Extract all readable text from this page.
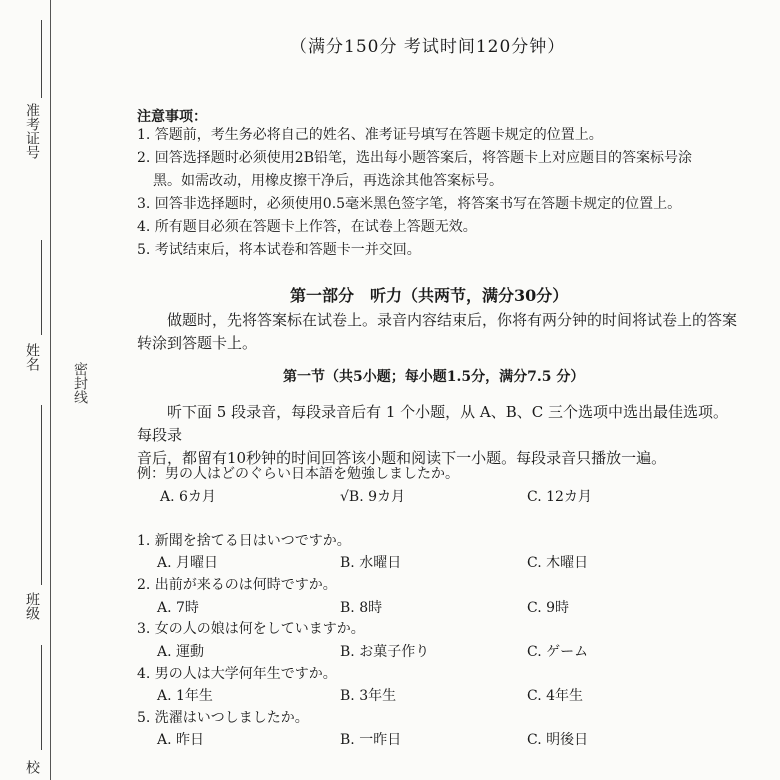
准考证号
姓名
密封线
班级
校
（满分150分 考试时间120分钟）
注意事项：
1. 答题前，考生务必将自己的姓名、准考证号填写在答题卡规定的位置上。
2. 回答选择题时必须使用2B铅笔，选出每小题答案后，将答题卡上对应题目的答案标号涂
黑。如需改动，用橡皮擦干净后，再选涂其他答案标号。
3. 回答非选择题时，必须使用0.5毫米黑色签字笔，将答案书写在答题卡规定的位置上。
4. 所有题目必须在答题卡上作答，在试卷上答题无效。
5. 考试结束后，将本试卷和答题卡一并交回。
第一部分　听力（共两节，满分30分）
做题时，先将答案标在试卷上。录音内容结束后，你将有两分钟的时间将试卷上的答案
转涂到答题卡上。
第一节（共5小题；每小题1.5分，满分7.5 分）
听下面 5 段录音，每段录音后有 1 个小题，从 A、B、C 三个选项中选出最佳选项。每段录
音后，都留有10秒钟的时间回答该小题和阅读下一小题。每段录音只播放一遍。
例：男の人はどのぐらい日本語を勉強しましたか。
A. 6カ月	√B. 9カ月	C. 12カ月
1. 新聞を捨てる日はいつですか。
A. 月曜日	B. 水曜日	C. 木曜日
2. 出前が来るのは何時ですか。
A. 7時	B. 8時	C. 9時
3. 女の人の娘は何をしていますか。
A. 運動	B. お菓子作り	C. ゲーム
4. 男の人は大学何年生ですか。
A. 1年生	B. 3年生	C. 4年生
5. 洗濯はいつしましたか。
A. 昨日	B. 一昨日	C. 明後日
